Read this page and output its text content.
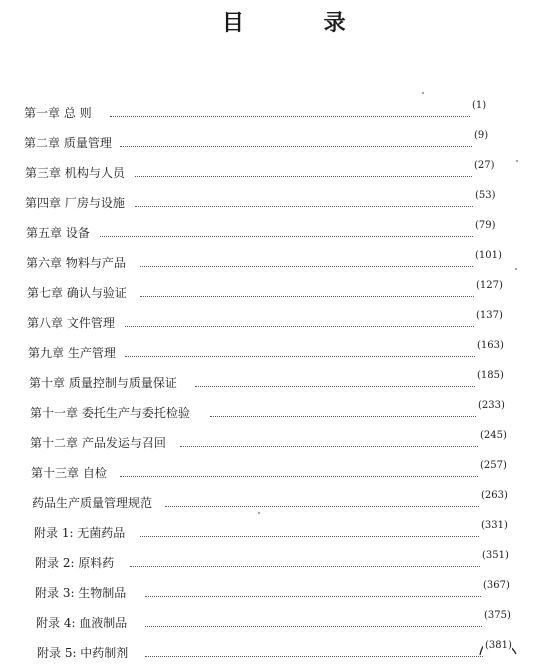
目 录
第一章 总 则
(1)
第二章 质量管理
(9)
第三章 机构与人员
(27)
第四章 厂房与设施
(53)
第五章 设备
(79)
第六章 物料与产品
(101)
第七章 确认与验证
(127)
第八章 文件管理
(137)
第九章 生产管理
(163)
第十章 质量控制与质量保证
(185)
第十一章 委托生产与委托检验
(233)
第十二章 产品发运与召回
(245)
第十三章 自检
(257)
药品生产质量管理规范
(263)
附录 1: 无菌药品
(331)
附录 2: 原料药
(351)
附录 3: 生物制品
(367)
附录 4: 血液制品
(375)
附录 5: 中药制剂
(381)
